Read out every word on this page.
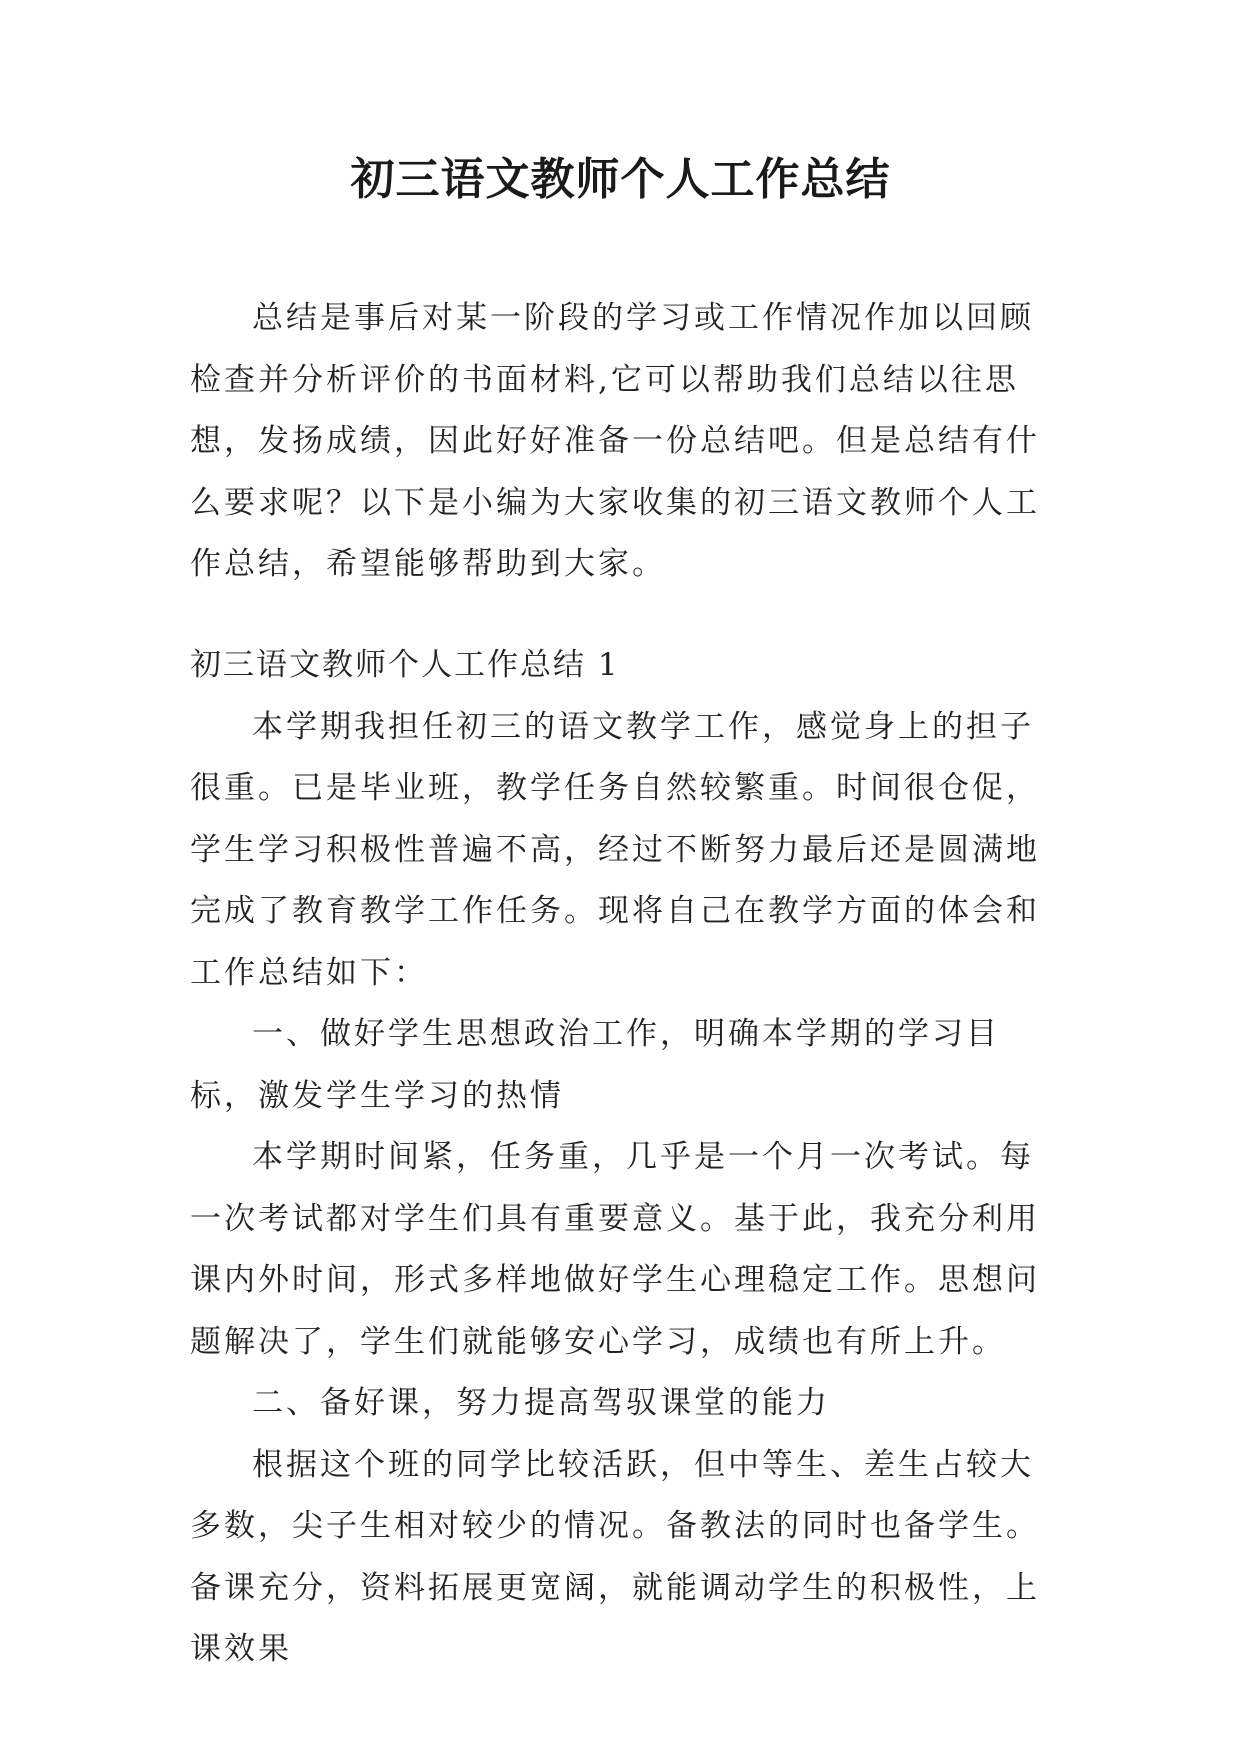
初三语文教师个人工作总结

总结是事后对某一阶段的学习或工作情况作加以回顾检查并分析评价的书面材料,它可以帮助我们总结以往思想，发扬成绩，因此好好准备一份总结吧。但是总结有什么要求呢？以下是小编为大家收集的初三语文教师个人工作总结，希望能够帮助到大家。

初三语文教师个人工作总结 1

本学期我担任初三的语文教学工作，感觉身上的担子很重。已是毕业班，教学任务自然较繁重。时间很仓促，学生学习积极性普遍不高，经过不断努力最后还是圆满地完成了教育教学工作任务。现将自己在教学方面的体会和工作总结如下：

一、做好学生思想政治工作，明确本学期的学习目标，激发学生学习的热情

本学期时间紧，任务重，几乎是一个月一次考试。每一次考试都对学生们具有重要意义。基于此，我充分利用课内外时间，形式多样地做好学生心理稳定工作。思想问题解决了，学生们就能够安心学习，成绩也有所上升。

二、备好课，努力提高驾驭课堂的能力

根据这个班的同学比较活跃，但中等生、差生占较大多数，尖子生相对较少的情况。备教法的同时也备学生。备课充分，资料拓展更宽阔，就能调动学生的积极性，上课效果
